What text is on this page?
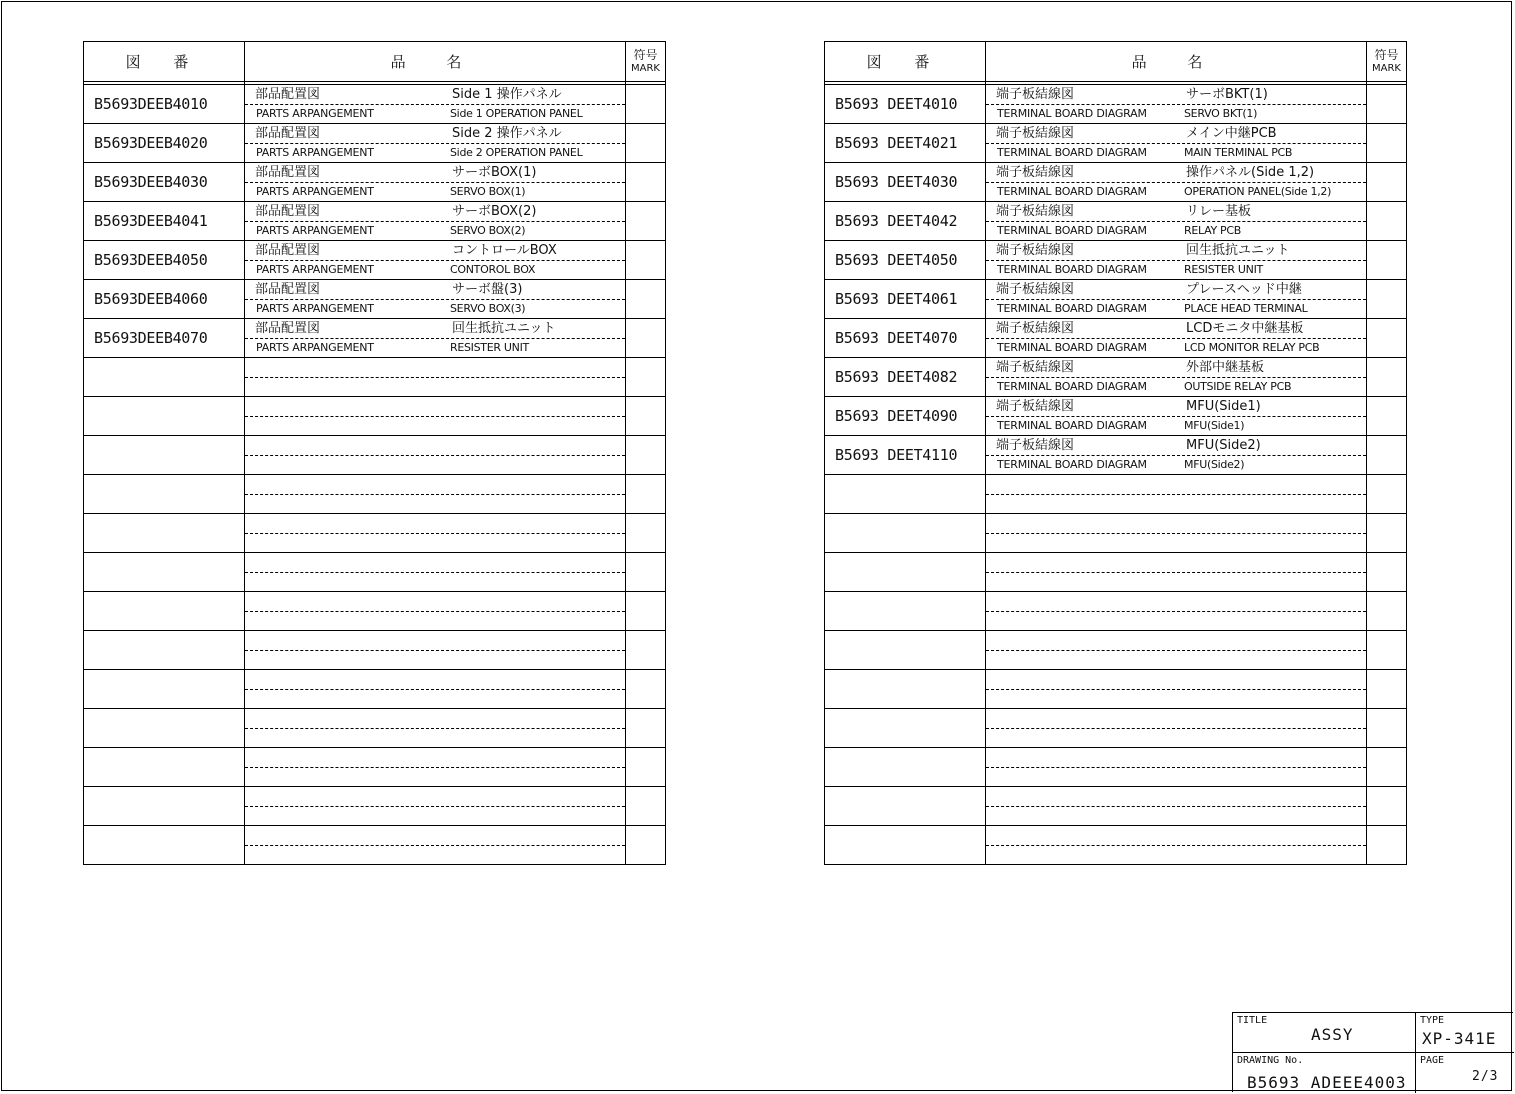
図 番	品 名	符号
MARK

B5693DEEB4010	部品配置図 Side 1 操作パネル
PARTS ARPANGEMENT Side 1 OPERATION PANEL	

B5693DEEB4020	部品配置図 Side 2 操作パネル
PARTS ARPANGEMENT Side 2 OPERATION PANEL	

B5693DEEB4030	部品配置図 サーボBOX(1)
PARTS ARPANGEMENT SERVO BOX(1)	

B5693DEEB4041	部品配置図 サーボBOX(2)
PARTS ARPANGEMENT SERVO BOX(2)	

B5693DEEB4050	部品配置図 コントロールBOX
PARTS ARPANGEMENT CONTOROL BOX	

B5693DEEB4060	部品配置図 サーボ盤(3)
PARTS ARPANGEMENT SERVO BOX(3)	

B5693DEEB4070	部品配置図 回生抵抗ユニット
PARTS ARPANGEMENT RESISTER UNIT	

図 番	品 名	符号
MARK

B5693 DEET4010	端子板結線図 サーボBKT(1)
TERMINAL BOARD DIAGRAM SERVO BKT(1)	

B5693 DEET4021	端子板結線図 メイン中継PCB
TERMINAL BOARD DIAGRAM MAIN TERMINAL PCB	

B5693 DEET4030	端子板結線図 操作パネル(Side 1,2)
TERMINAL BOARD DIAGRAM OPERATION PANEL(Side 1,2)	

B5693 DEET4042	端子板結線図 リレー基板
TERMINAL BOARD DIAGRAM RELAY PCB	

B5693 DEET4050	端子板結線図 回生抵抗ユニット
TERMINAL BOARD DIAGRAM RESISTER UNIT	

B5693 DEET4061	端子板結線図 プレースヘッド中継
TERMINAL BOARD DIAGRAM PLACE HEAD TERMINAL	

B5693 DEET4070	端子板結線図 LCDモニタ中継基板
TERMINAL BOARD DIAGRAM LCD MONITOR RELAY PCB	

B5693 DEET4082	端子板結線図 外部中継基板
TERMINAL BOARD DIAGRAM OUTSIDE RELAY PCB	

B5693 DEET4090	端子板結線図 MFU(Side1)
TERMINAL BOARD DIAGRAM MFU(Side1)	

B5693 DEET4110	端子板結線図 MFU(Side2)
TERMINAL BOARD DIAGRAM MFU(Side2)	

TITLE
ASSY
TYPE
XP-341E
DRAWING No.
B5693 ADEEE4003
PAGE
2/3
